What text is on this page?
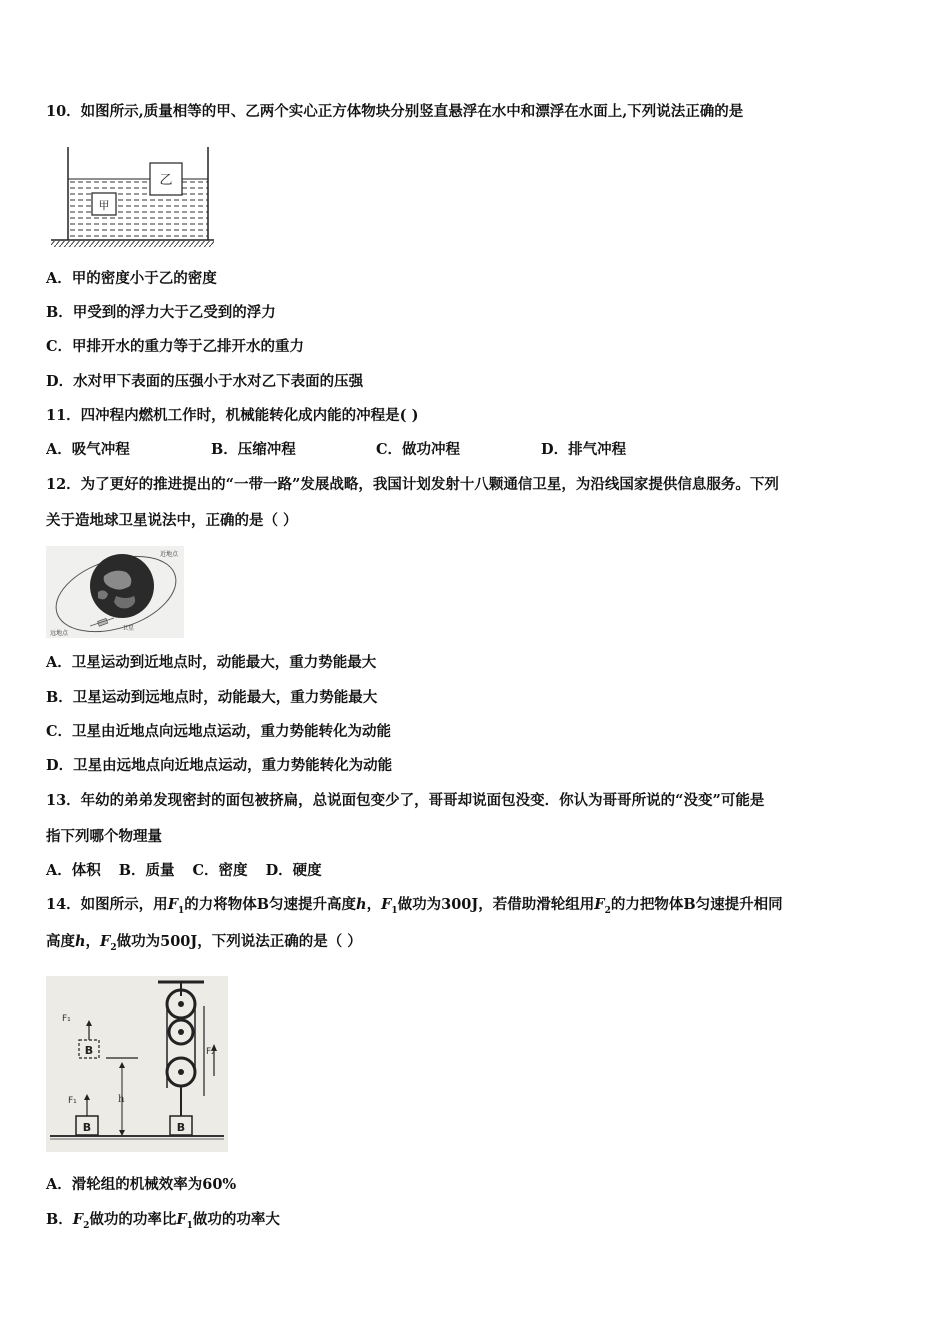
10．如图所示,质量相等的甲、乙两个实心正方体物块分别竖直悬浮在水中和漂浮在水面上,下列说法正确的是
甲
乙
A．甲的密度小于乙的密度
B．甲受到的浮力大于乙受到的浮力
C．甲排开水的重力等于乙排开水的重力
D．水对甲下表面的压强小于水对乙下表面的压强
11．四冲程内燃机工作时，机械能转化成内能的冲程是( )
A．吸气冲程	B．压缩冲程	C．做功冲程	D．排气冲程
12．为了更好的推进提出的“一带一路”发展战略，我国计划发射十八颗通信卫星，为沿线国家提供信息服务。下列
关于造地球卫星说法中，正确的是（ ）
近地点
远地点
卫星
A．卫星运动到近地点时，动能最大，重力势能最大
B．卫星运动到远地点时，动能最大，重力势能最大
C．卫星由近地点向远地点运动，重力势能转化为动能
D．卫星由远地点向近地点运动，重力势能转化为动能
13．年幼的弟弟发现密封的面包被挤扁，总说面包变少了，哥哥却说面包没变．你认为哥哥所说的“没变”可能是
指下列哪个物理量
A．体积 B．质量 C．密度 D．硬度
14．如图所示，用$F_1$的力将物体B匀速提升高度h，$F_1$做功为300J，若借助滑轮组用$F_2$的力把物体B匀速提升相同
高度h，$F_2$做功为500J，下列说法正确的是（ ）
B
F₁
B
F₁
h
B
F₂
A．滑轮组的机械效率为60%
B．$F_2$做功的功率比$F_1$做功的功率大
